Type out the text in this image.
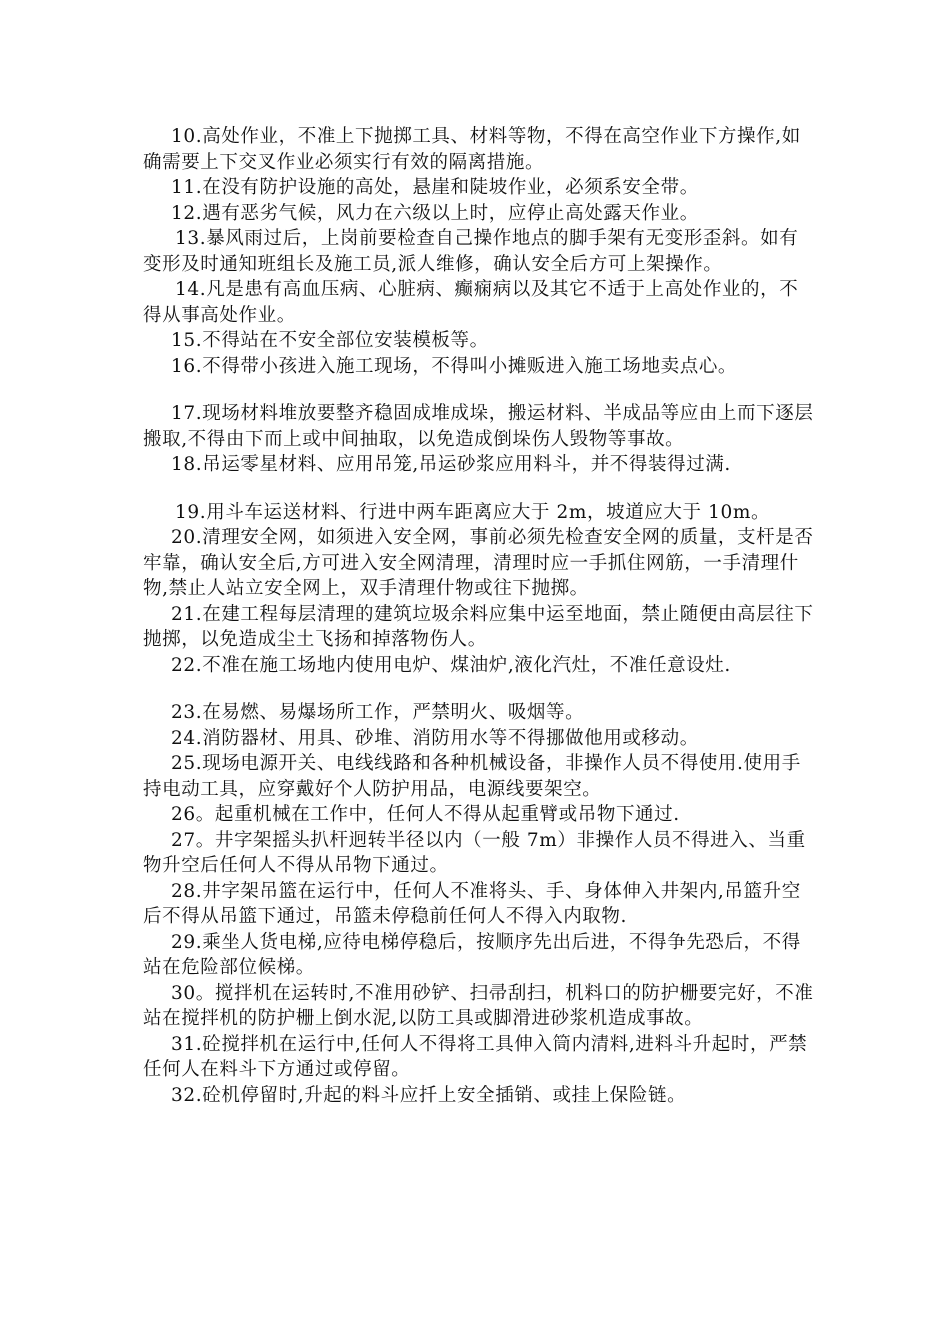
10.高处作业，不准上下抛掷工具、材料等物，不得在高空作业下方操作,如确需要上下交叉作业必须实行有效的隔离措施。

11.在没有防护设施的高处，悬崖和陡坡作业，必须系安全带。

12.遇有恶劣气候，风力在六级以上时，应停止高处露天作业。

13.暴风雨过后，上岗前要检查自己操作地点的脚手架有无变形歪斜。如有变形及时通知班组长及施工员,派人维修，确认安全后方可上架操作。

14.凡是患有高血压病、心脏病、癫痫病以及其它不适于上高处作业的，不得从事高处作业。

15.不得站在不安全部位安装模板等。

16.不得带小孩进入施工现场，不得叫小摊贩进入施工场地卖点心。

17.现场材料堆放要整齐稳固成堆成垛，搬运材料、半成品等应由上而下逐层搬取,不得由下而上或中间抽取，以免造成倒垛伤人毁物等事故。

18.吊运零星材料、应用吊笼,吊运砂浆应用料斗，并不得装得过满.

19.用斗车运送材料、行进中两车距离应大于 2m，坡道应大于 10m。

20.清理安全网，如须进入安全网，事前必须先检查安全网的质量，支杆是否牢靠，确认安全后,方可进入安全网清理，清理时应一手抓住网筋，一手清理什物,禁止人站立安全网上，双手清理什物或往下抛掷。

21.在建工程每层清理的建筑垃圾余料应集中运至地面，禁止随便由高层往下抛掷，以免造成尘土飞扬和掉落物伤人。

22.不准在施工场地内使用电炉、煤油炉,液化汽灶，不准任意设灶.

23.在易燃、易爆场所工作，严禁明火、吸烟等。

24.消防器材、用具、砂堆、消防用水等不得挪做他用或移动。

25.现场电源开关、电线线路和各种机械设备，非操作人员不得使用.使用手持电动工具，应穿戴好个人防护用品，电源线要架空。

26。起重机械在工作中，任何人不得从起重臂或吊物下通过.

27。井字架摇头扒杆迥转半径以内（一般 7m）非操作人员不得进入、当重物升空后任何人不得从吊物下通过。

28.井字架吊篮在运行中，任何人不准将头、手、身体伸入井架内,吊篮升空后不得从吊篮下通过，吊篮未停稳前任何人不得入内取物.

29.乘坐人货电梯,应待电梯停稳后，按顺序先出后进，不得争先恐后，不得站在危险部位候梯。

30。搅拌机在运转时,不准用砂铲、扫帚刮扫，机料口的防护栅要完好，不准站在搅拌机的防护栅上倒水泥,以防工具或脚滑进砂浆机造成事故。

31.砼搅拌机在运行中,任何人不得将工具伸入筒内清料,进料斗升起时，严禁任何人在料斗下方通过或停留。

32.砼机停留时,升起的料斗应扦上安全插销、或挂上保险链。
